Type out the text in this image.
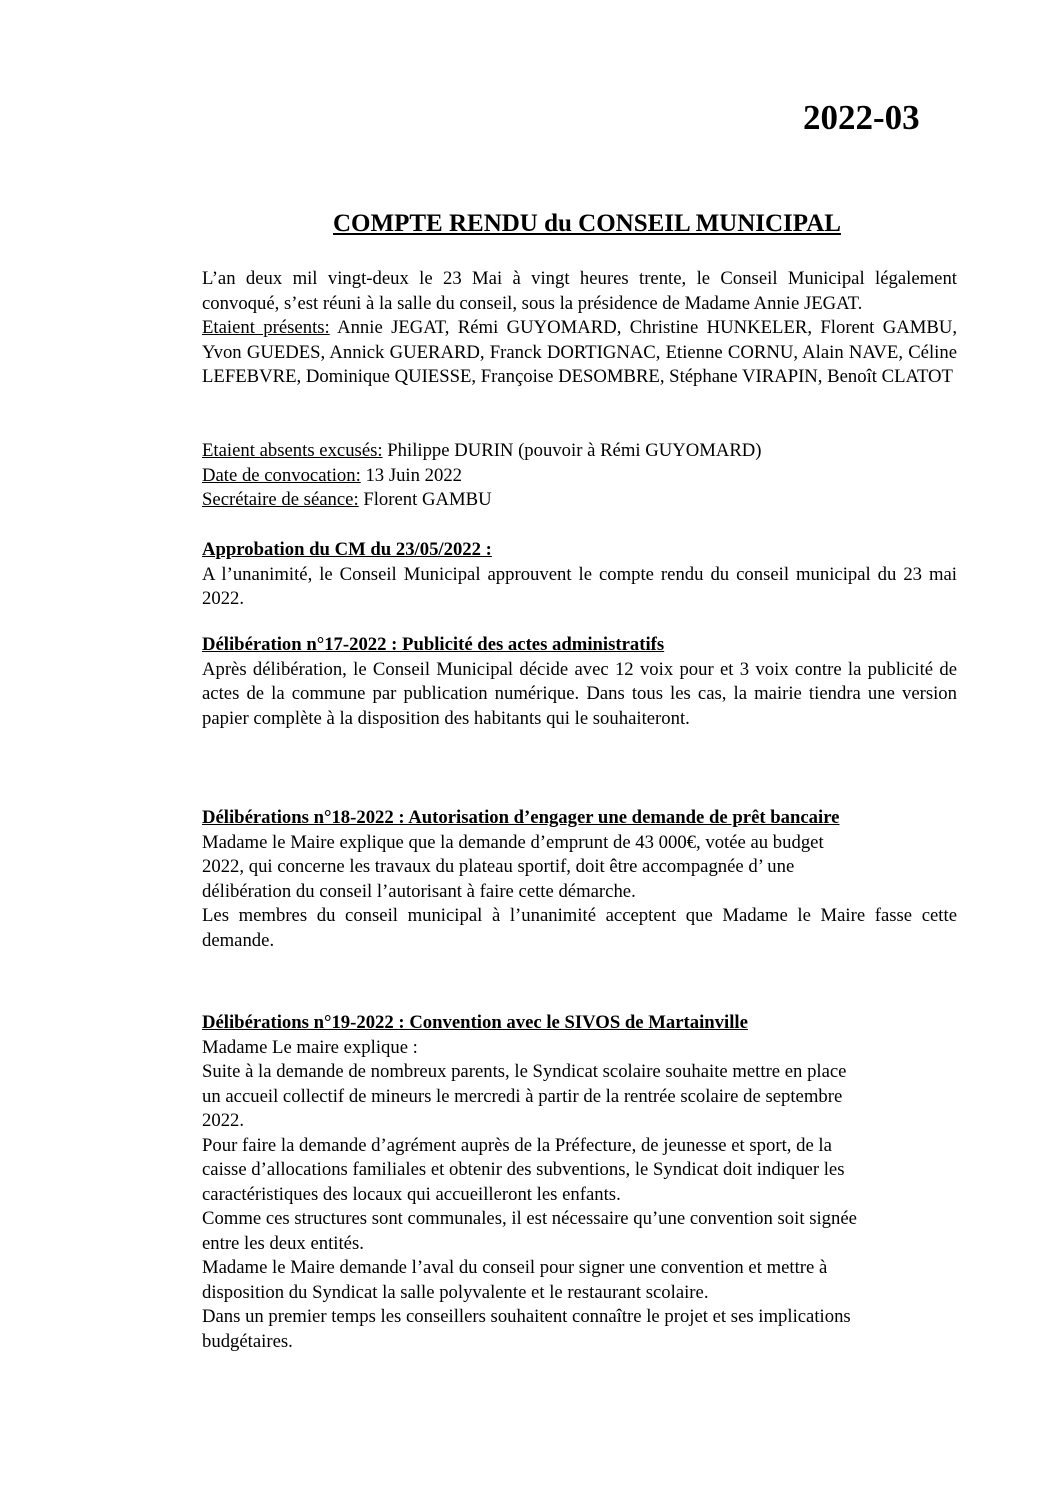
2022-03
COMPTE RENDU du CONSEIL MUNICIPAL

L’an deux mil vingt-deux le 23 Mai à vingt heures trente, le Conseil Municipal légalement convoqué, s’est réuni à la salle du conseil, sous la présidence de Madame Annie JEGAT.

Etaient présents: Annie JEGAT, Rémi GUYOMARD, Christine HUNKELER, Florent GAMBU, Yvon GUEDES, Annick GUERARD, Franck DORTIGNAC, Etienne CORNU, Alain NAVE, Céline LEFEBVRE, Dominique QUIESSE, Françoise DESOMBRE, Stéphane VIRAPIN, Benoît CLATOT

Etaient absents excusés: Philippe DURIN (pouvoir à Rémi GUYOMARD)

Date de convocation: 13 Juin 2022

Secrétaire de séance: Florent GAMBU

Approbation du CM du 23/05/2022 :

A l’unanimité, le Conseil Municipal approuvent le compte rendu du conseil municipal du 23 mai 2022.

Délibération n°17-2022 : Publicité des actes administratifs

Après délibération, le Conseil Municipal décide avec 12 voix pour et 3 voix contre la publicité de actes de la commune par publication numérique. Dans tous les cas, la mairie tiendra une version papier complète à la disposition des habitants qui le souhaiteront.

Délibérations n°18-2022 : Autorisation d’engager une demande de prêt bancaire

Madame le Maire explique que la demande d’emprunt de 43 000€, votée au budget

2022, qui concerne les travaux du plateau sportif, doit être accompagnée d’ une

délibération du conseil l’autorisant à faire cette démarche.

Les membres du conseil municipal à l’unanimité acceptent que Madame le Maire fasse cette demande.

Délibérations n°19-2022 : Convention avec le SIVOS de Martainville

Madame Le maire explique :

Suite à la demande de nombreux parents, le Syndicat scolaire souhaite mettre en place

un accueil collectif de mineurs le mercredi à partir de la rentrée scolaire de septembre

2022.

Pour faire la demande d’agrément auprès de la Préfecture, de jeunesse et sport, de la

caisse d’allocations familiales et obtenir des subventions, le Syndicat doit indiquer les

caractéristiques des locaux qui accueilleront les enfants.

Comme ces structures sont communales, il est nécessaire qu’une convention soit signée

entre les deux entités.

Madame le Maire demande l’aval du conseil pour signer une convention et mettre à

disposition du Syndicat la salle polyvalente et le restaurant scolaire.

Dans un premier temps les conseillers souhaitent connaître le projet et ses implications

budgétaires.
